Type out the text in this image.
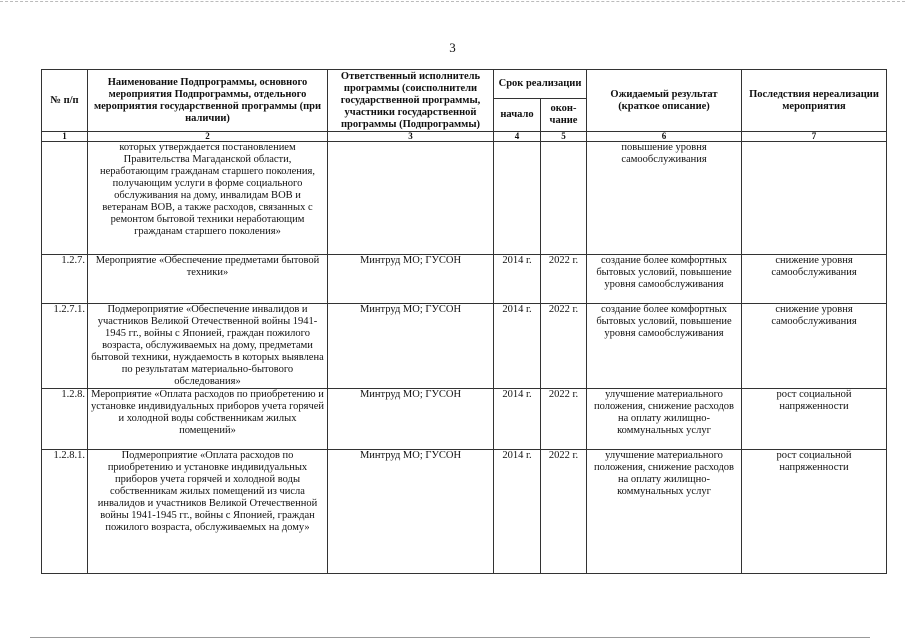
3
№ п/п	Наименование Подпрограммы, основного мероприятия Подпрограммы, отдельного мероприятия государственной программы (при наличии)	Ответственный исполнитель программы (соисполнители государственной программы, участники государственной программы (Подпрограммы)	Срок реализации		Ожидаемый результат (краткое описание)	Последствия нереализации мероприятия
			начало	окон-чание		
1	2	3	4	5	6	7
	которых утверждается постановлением Правительства Магаданской области, неработающим гражданам старшего поколения, получающим услуги в форме социального обслуживания на дому, инвалидам ВОВ и ветеранам ВОВ, а также расходов, связанных с ремонтом бытовой техники неработающим гражданам старшего поколения»				повышение уровня самообслуживания	
1.2.7.	Мероприятие «Обеспечение предметами бытовой техники»	Минтруд МО; ГУСОН	2014 г.	2022 г.	создание более комфортных бытовых условий, повышение уровня самообслуживания	снижение уровня самообслуживания
1.2.7.1.	Подмероприятие «Обеспечение инвалидов и участников Великой Отечественной войны 1941-1945 гг., войны с Японией, граждан пожилого возраста, обслуживаемых на дому, предметами бытовой техники, нуждаемость в которых выявлена по результатам материально-бытового обследования»	Минтруд МО; ГУСОН	2014 г.	2022 г.	создание более комфортных бытовых условий, повышение уровня самообслуживания	снижение уровня самообслуживания
1.2.8.	Мероприятие «Оплата расходов по приобретению и установке индивидуальных приборов учета горячей и холодной воды собственникам жилых помещений»	Минтруд МО; ГУСОН	2014 г.	2022 г.	улучшение материального положения, снижение расходов на оплату жилищно-коммунальных услуг	рост социальной напряженности
1.2.8.1.	Подмероприятие «Оплата расходов по приобретению и установке индивидуальных приборов учета горячей и холодной воды собственникам жилых помещений из числа инвалидов и участников Великой Отечественной войны 1941-1945 гг., войны с Японией, граждан пожилого возраста, обслуживаемых на дому»	Минтруд МО; ГУСОН	2014 г.	2022 г.	улучшение материального положения, снижение расходов на оплату жилищно-коммунальных услуг	рост социальной напряженности
